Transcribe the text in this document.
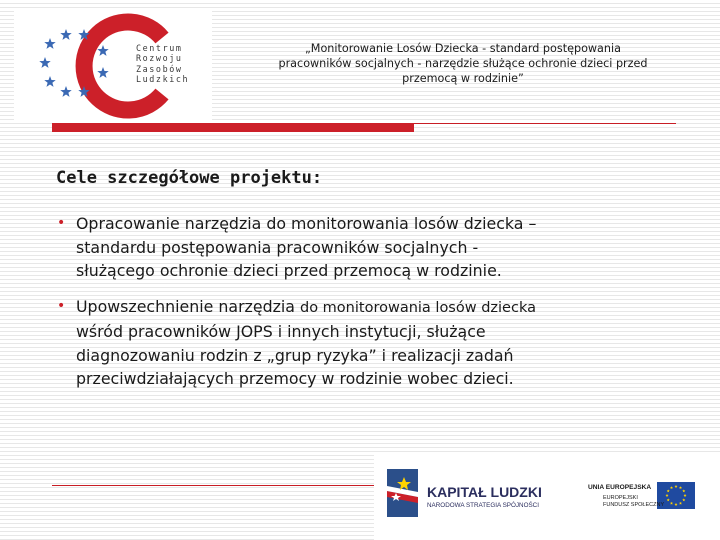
Centrum
Rozwoju
Zasobów
Ludzkich
„Monitorowanie Losów Dziecka - standard postępowania
pracowników socjalnych - narzędzie służące ochronie dzieci przed
przemocą w rodzinie”
Cele szczegółowe projektu:
• Opracowanie narzędzia do monitorowania losów dziecka –
standardu postępowania pracowników socjalnych -
służącego ochronie dzieci przed przemocą w rodzinie.
• Upowszechnienie narzędzia do monitorowania losów dziecka
wśród pracowników JOPS i innych instytucji, służące
diagnozowaniu rodzin z „grup ryzyka” i realizacji zadań
przeciwdziałających przemocy w rodzinie wobec dzieci.
KAPITAŁ LUDZKI
NARODOWA STRATEGIA SPÓJNOŚCI
UNIA EUROPEJSKA
EUROPEJSKI
FUNDUSZ SPOŁECZNY
